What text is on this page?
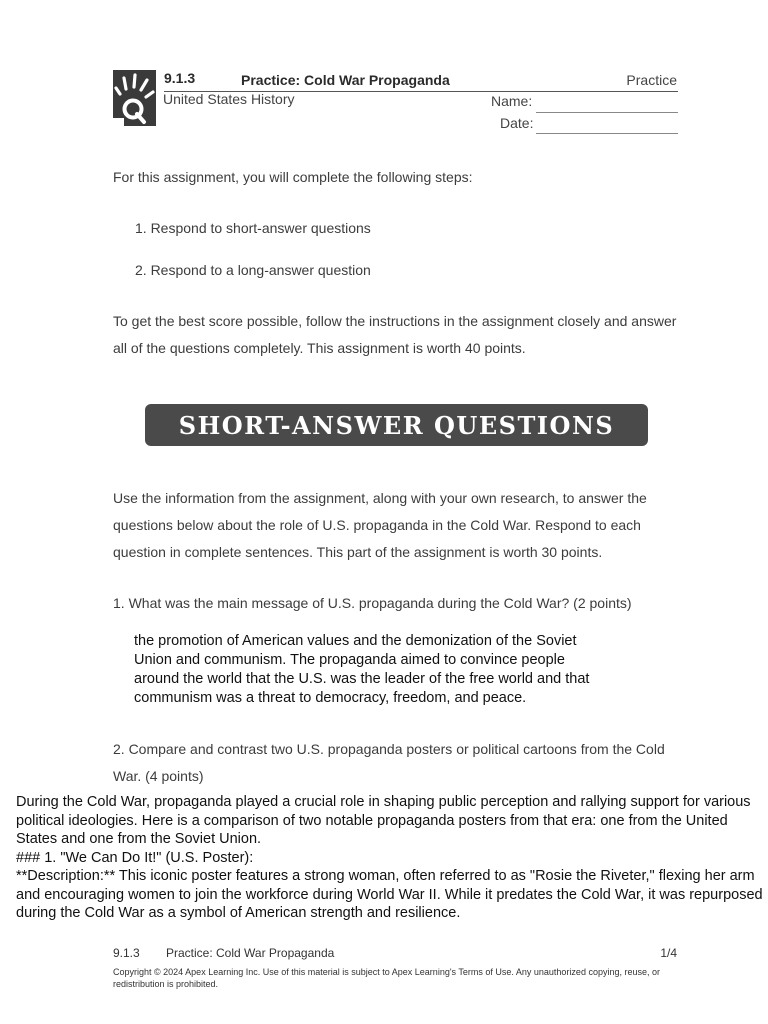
9.1.3	Practice: Cold War Propaganda	Practice
United States History	Name:
Date:
For this assignment, you will complete the following steps:
1. Respond to short-answer questions
2. Respond to a long-answer question
To get the best score possible, follow the instructions in the assignment closely and answer all of the questions completely. This assignment is worth 40 points.
SHORT-ANSWER QUESTIONS
Use the information from the assignment, along with your own research, to answer the questions below about the role of U.S. propaganda in the Cold War. Respond to each question in complete sentences. This part of the assignment is worth 30 points.
1. What was the main message of U.S. propaganda during the Cold War? (2 points)
the promotion of American values and the demonization of the Soviet Union and communism. The propaganda aimed to convince people around the world that the U.S. was the leader of the free world and that communism was a threat to democracy, freedom, and peace.
2. Compare and contrast two U.S. propaganda posters or political cartoons from the Cold War. (4 points)
During the Cold War, propaganda played a crucial role in shaping public perception and rallying support for various political ideologies. Here is a comparison of two notable propaganda posters from that era: one from the United States and one from the Soviet Union.
### 1. "We Can Do It!" (U.S. Poster):
**Description:** This iconic poster features a strong woman, often referred to as "Rosie the Riveter," flexing her arm and encouraging women to join the workforce during World War II. While it predates the Cold War, it was repurposed during the Cold War as a symbol of American strength and resilience.
9.1.3 Practice: Cold War Propaganda	1/4
Copyright © 2024 Apex Learning Inc. Use of this material is subject to Apex Learning's Terms of Use. Any unauthorized copying, reuse, or redistribution is prohibited.
